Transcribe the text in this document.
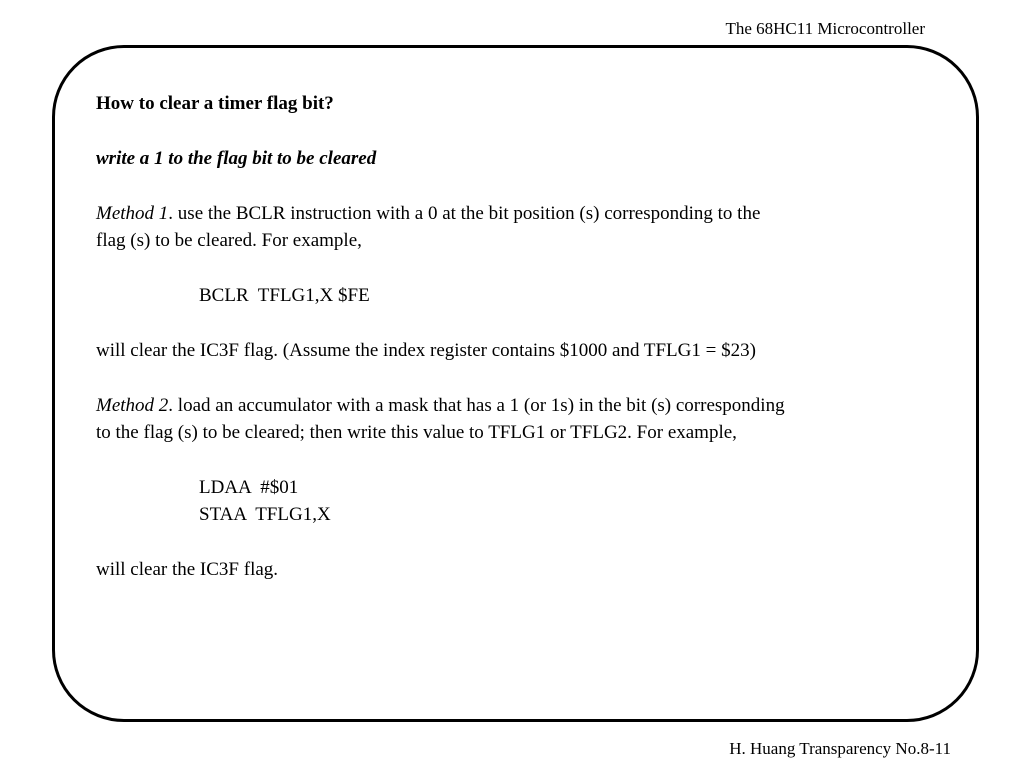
The 68HC11 Microcontroller

How to clear a timer flag bit?

write a 1 to the flag bit to be cleared

Method 1. use the BCLR instruction with a 0 at the bit position (s) corresponding to the

flag (s) to be cleared. For example,

BCLR  TFLG1,X $FE

will clear the IC3F flag. (Assume the index register contains $1000 and TFLG1 = $23)

Method 2. load an accumulator with a mask that has a 1 (or 1s) in the bit (s) corresponding

to the flag (s) to be cleared; then write this value to TFLG1 or TFLG2. For example,

LDAA  #$01

STAA  TFLG1,X

will clear the IC3F flag.

H. Huang Transparency No.8-11
